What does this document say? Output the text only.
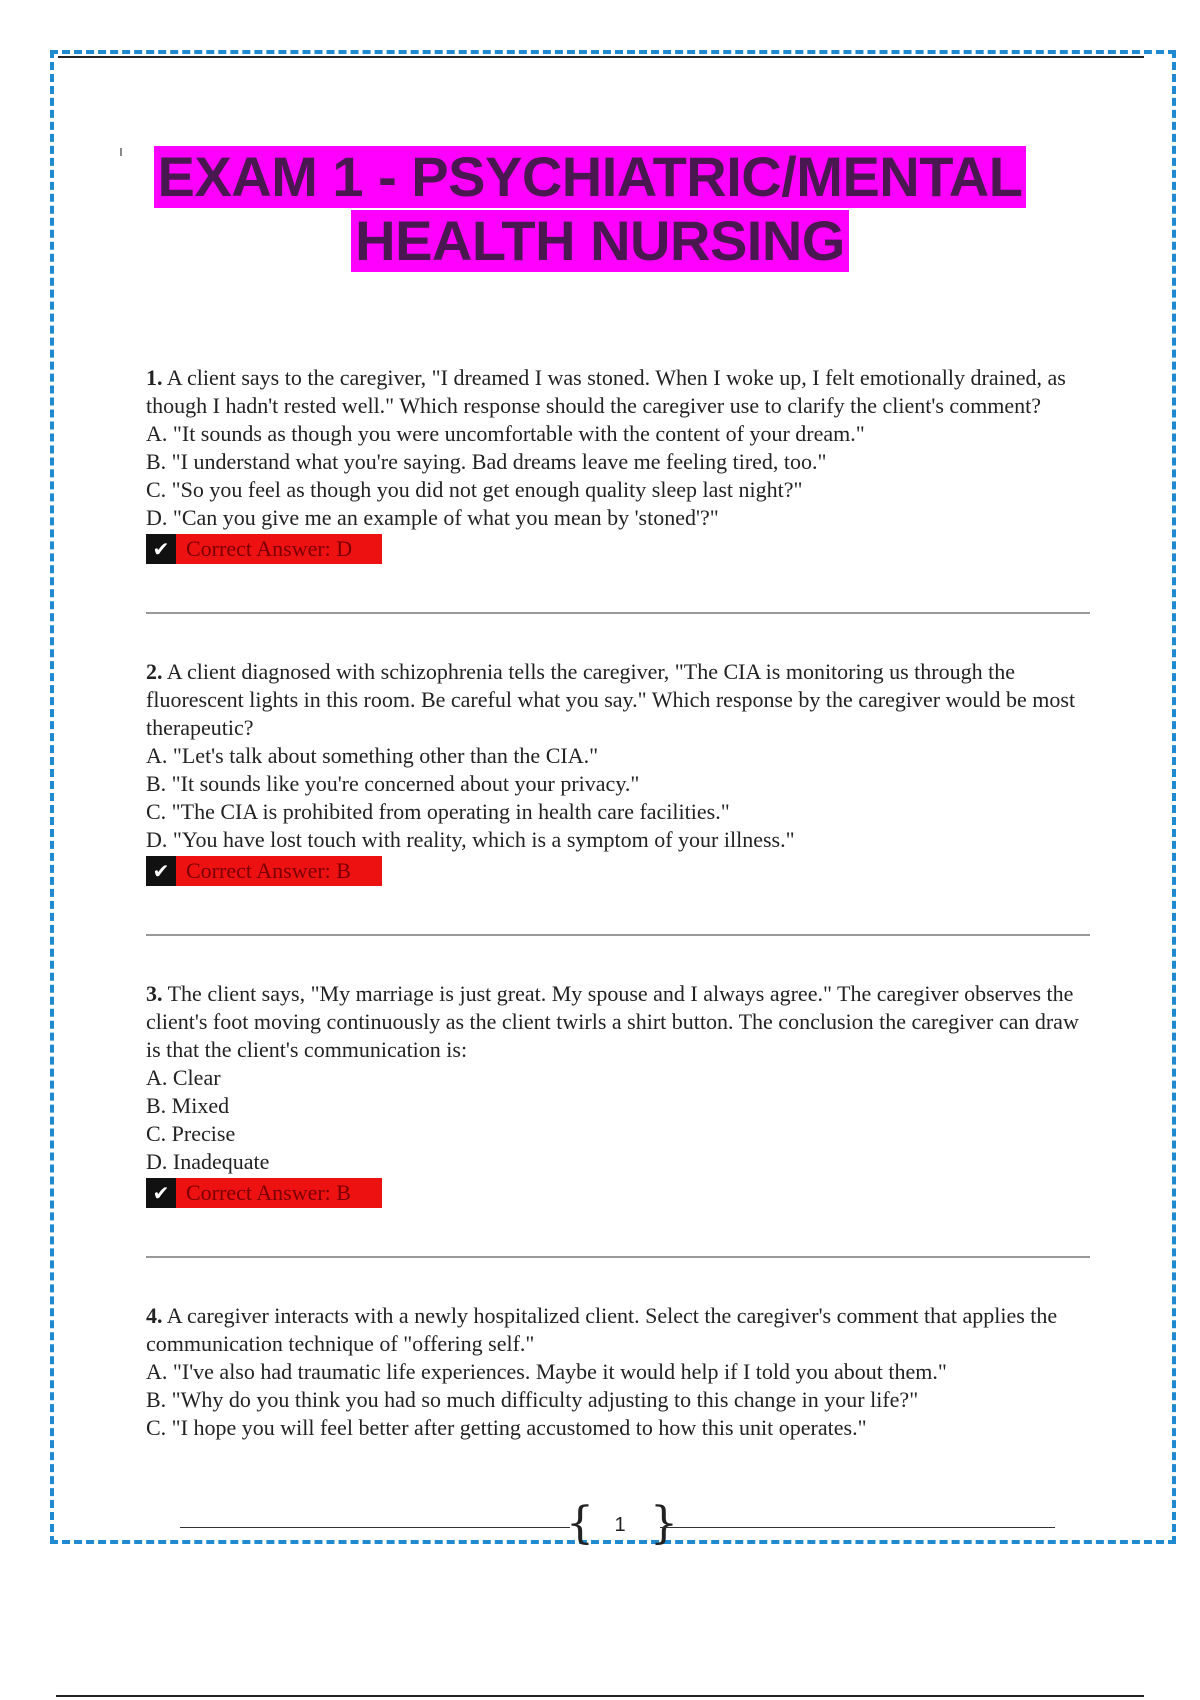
EXAM 1 - PSYCHIATRIC/MENTAL
HEALTH NURSING
1. A client says to the caregiver, "I dreamed I was stoned. When I woke up, I felt emotionally drained, as though I hadn't rested well." Which response should the caregiver use to clarify the client's comment?
A. "It sounds as though you were uncomfortable with the content of your dream."
B. "I understand what you're saying. Bad dreams leave me feeling tired, too."
C. "So you feel as though you did not get enough quality sleep last night?"
D. "Can you give me an example of what you mean by 'stoned'?"
✔ Correct Answer: D
2. A client diagnosed with schizophrenia tells the caregiver, "The CIA is monitoring us through the fluorescent lights in this room. Be careful what you say." Which response by the caregiver would be most therapeutic?
A. "Let's talk about something other than the CIA."
B. "It sounds like you're concerned about your privacy."
C. "The CIA is prohibited from operating in health care facilities."
D. "You have lost touch with reality, which is a symptom of your illness."
✔ Correct Answer: B
3. The client says, "My marriage is just great. My spouse and I always agree." The caregiver observes the client's foot moving continuously as the client twirls a shirt button. The conclusion the caregiver can draw is that the client's communication is:
A. Clear
B. Mixed
C. Precise
D. Inadequate
✔ Correct Answer: B
4. A caregiver interacts with a newly hospitalized client. Select the caregiver's comment that applies the communication technique of "offering self."
A. "I've also had traumatic life experiences. Maybe it would help if I told you about them."
B. "Why do you think you had so much difficulty adjusting to this change in your life?"
C. "I hope you will feel better after getting accustomed to how this unit operates."
{	1 }
